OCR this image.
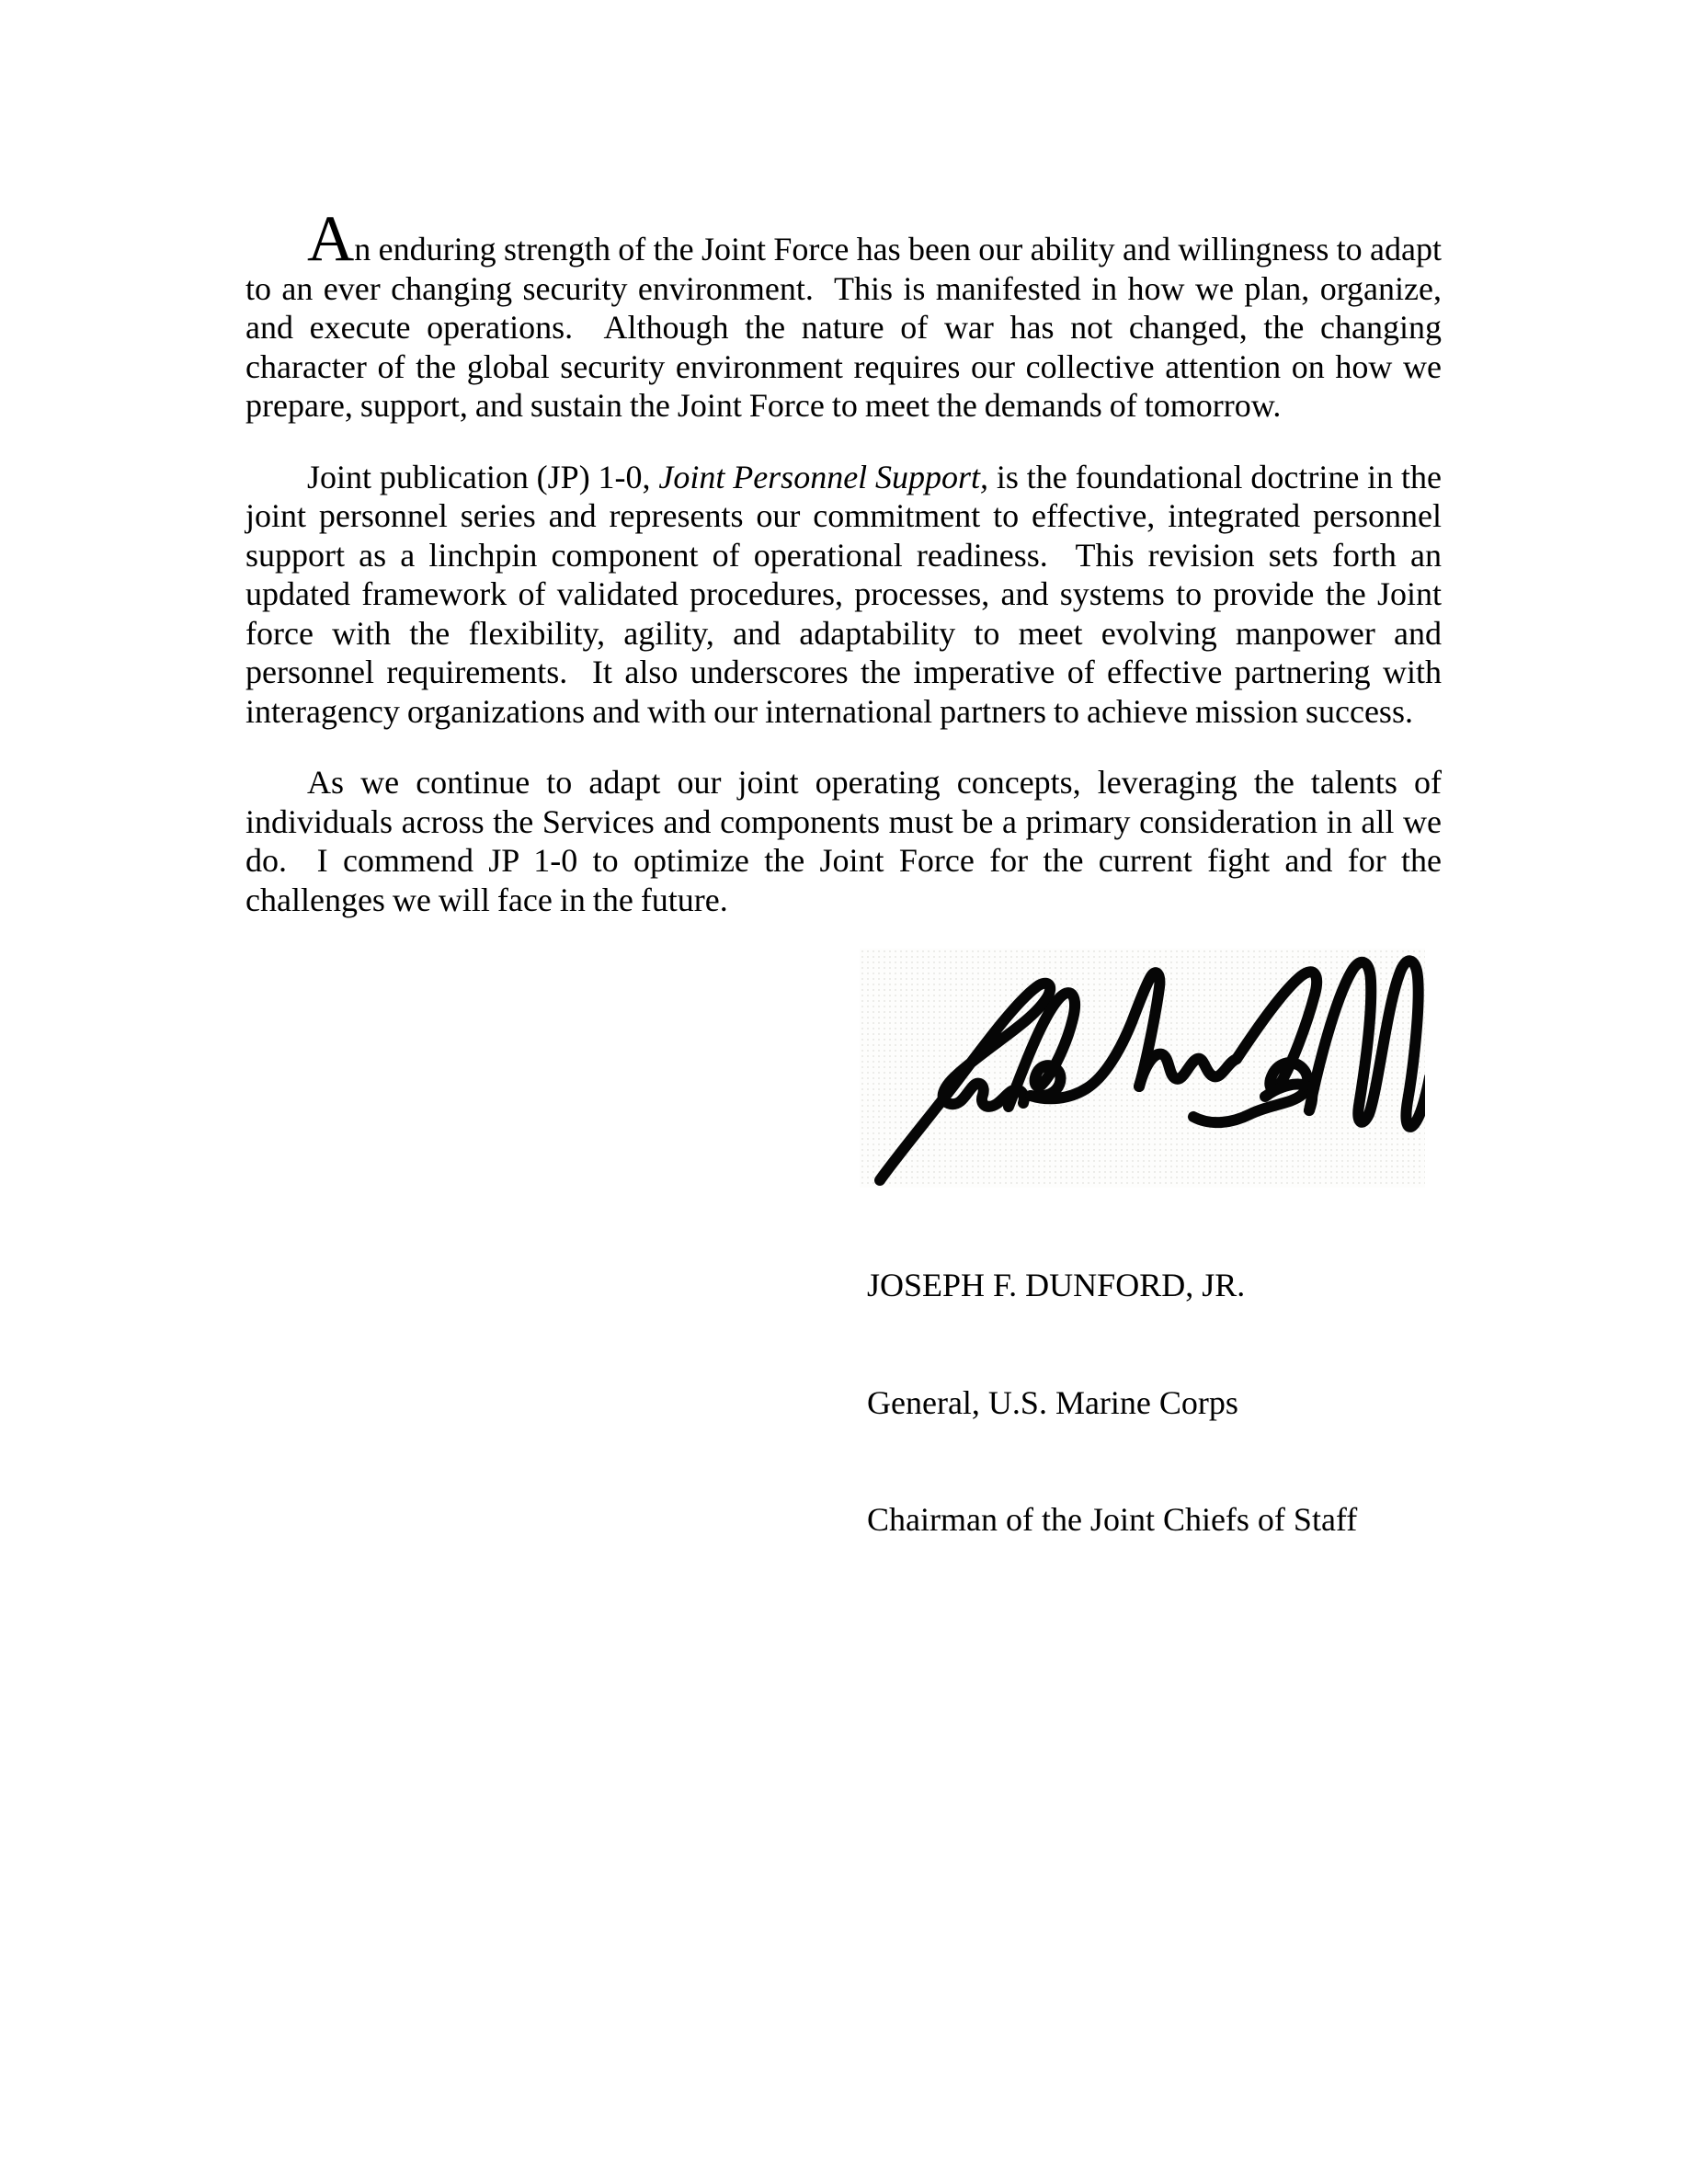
An enduring strength of the Joint Force has been our ability and willingness to adapt to an ever changing security environment.  This is manifested in how we plan, organize, and execute operations.  Although the nature of war has not changed, the changing character of the global security environment requires our collective attention on how we prepare, support, and sustain the Joint Force to meet the demands of tomorrow.

Joint publication (JP) 1-0, Joint Personnel Support, is the foundational doctrine in the joint personnel series and represents our commitment to effective, integrated personnel support as a linchpin component of operational readiness.  This revision sets forth an updated framework of validated procedures, processes, and systems to provide the Joint force with the flexibility, agility, and adaptability to meet evolving manpower and personnel requirements.  It also underscores the imperative of effective partnering with interagency organizations and with our international partners to achieve mission success.

As we continue to adapt our joint operating concepts, leveraging the talents of individuals across the Services and components must be a primary consideration in all we do.  I commend JP 1-0 to optimize the Joint Force for the current fight and for the challenges we will face in the future.

JOSEPH F. DUNFORD, JR.

General, U.S. Marine Corps

Chairman of the Joint Chiefs of Staff
